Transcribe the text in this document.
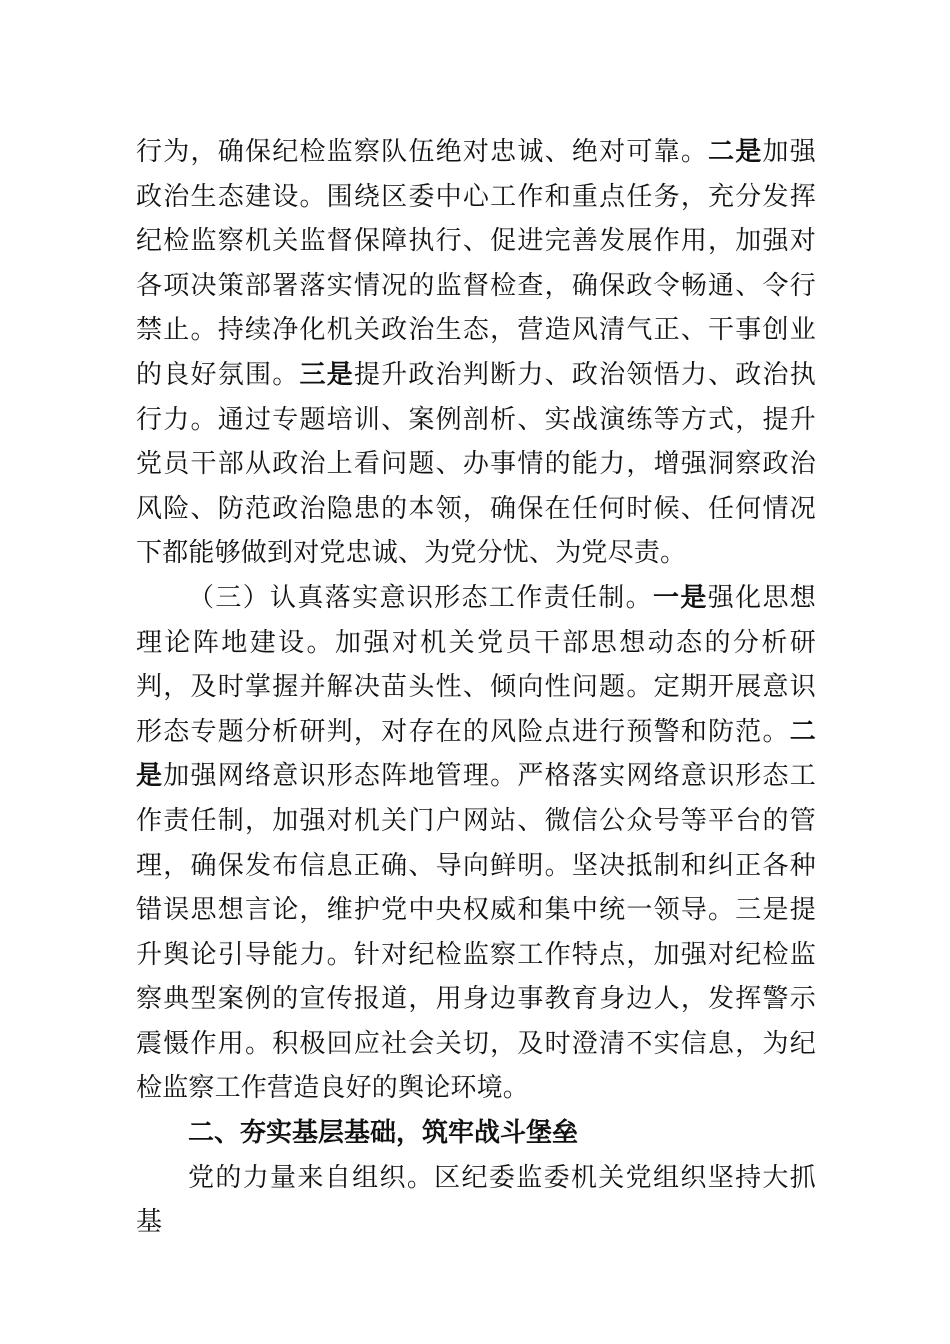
行为，确保纪检监察队伍绝对忠诚、绝对可靠。二是加强政治生态建设。围绕区委中心工作和重点任务，充分发挥纪检监察机关监督保障执行、促进完善发展作用，加强对各项决策部署落实情况的监督检查，确保政令畅通、令行禁止。持续净化机关政治生态，营造风清气正、干事创业的良好氛围。三是提升政治判断力、政治领悟力、政治执行力。通过专题培训、案例剖析、实战演练等方式，提升党员干部从政治上看问题、办事情的能力，增强洞察政治风险、防范政治隐患的本领，确保在任何时候、任何情况下都能够做到对党忠诚、为党分忧、为党尽责。

（三）认真落实意识形态工作责任制。一是强化思想理论阵地建设。加强对机关党员干部思想动态的分析研判，及时掌握并解决苗头性、倾向性问题。定期开展意识形态专题分析研判，对存在的风险点进行预警和防范。二是加强网络意识形态阵地管理。严格落实网络意识形态工作责任制，加强对机关门户网站、微信公众号等平台的管理，确保发布信息正确、导向鲜明。坚决抵制和纠正各种错误思想言论，维护党中央权威和集中统一领导。三是提升舆论引导能力。针对纪检监察工作特点，加强对纪检监察典型案例的宣传报道，用身边事教育身边人，发挥警示震慑作用。积极回应社会关切，及时澄清不实信息，为纪检监察工作营造良好的舆论环境。

二、夯实基层基础，筑牢战斗堡垒

党的力量来自组织。区纪委监委机关党组织坚持大抓基
